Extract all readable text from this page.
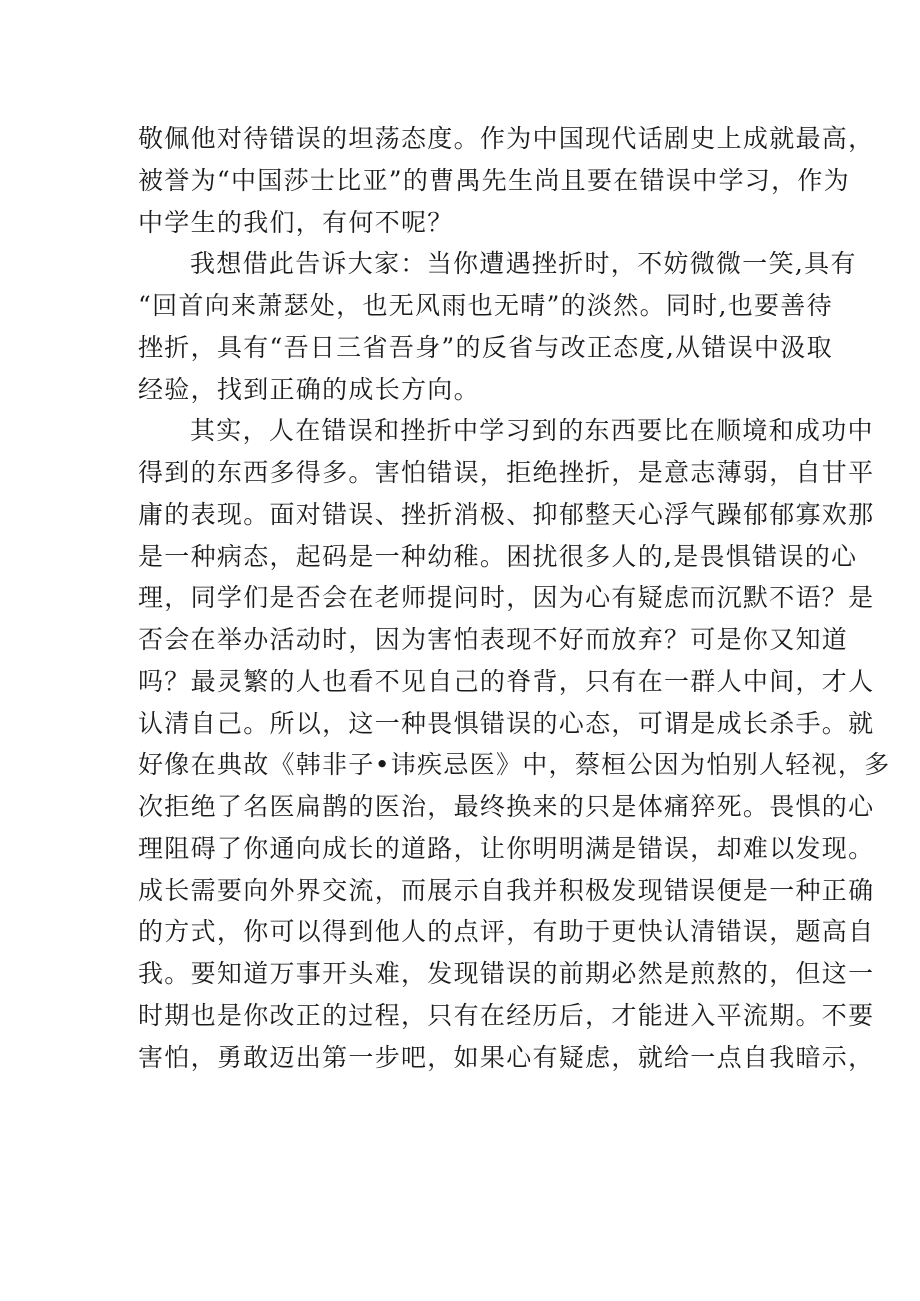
敬佩他对待错误的坦荡态度。作为中国现代话剧史上成就最高，
被誉为“中国莎士比亚”的曹禺先生尚且要在错误中学习，作为
中学生的我们，有何不呢？
我想借此告诉大家：当你遭遇挫折时，不妨微微一笑,具有
“回首向来萧瑟处，也无风雨也无晴”的淡然。同时,也要善待
挫折，具有“吾日三省吾身”的反省与改正态度,从错误中汲取
经验，找到正确的成长方向。
其实，人在错误和挫折中学习到的东西要比在顺境和成功中
得到的东西多得多。害怕错误，拒绝挫折，是意志薄弱，自甘平
庸的表现。面对错误、挫折消极、抑郁整天心浮气躁郁郁寡欢那
是一种病态，起码是一种幼稚。困扰很多人的,是畏惧错误的心
理，同学们是否会在老师提问时，因为心有疑虑而沉默不语？是
否会在举办活动时，因为害怕表现不好而放弃？可是你又知道
吗？最灵繁的人也看不见自己的脊背，只有在一群人中间，才人
认清自己。所以，这一种畏惧错误的心态，可谓是成长杀手。就
好像在典故《韩非子•讳疾忌医》中，蔡桓公因为怕别人轻视，多
次拒绝了名医扁鹊的医治，最终换来的只是体痛猝死。畏惧的心
理阻碍了你通向成长的道路，让你明明满是错误，却难以发现。
成长需要向外界交流，而展示自我并积极发现错误便是一种正确
的方式，你可以得到他人的点评，有助于更快认清错误，题高自
我。要知道万事开头难，发现错误的前期必然是煎熬的，但这一
时期也是你改正的过程，只有在经历后，才能进入平流期。不要
害怕，勇敢迈出第一步吧，如果心有疑虑，就给一点自我暗示，
